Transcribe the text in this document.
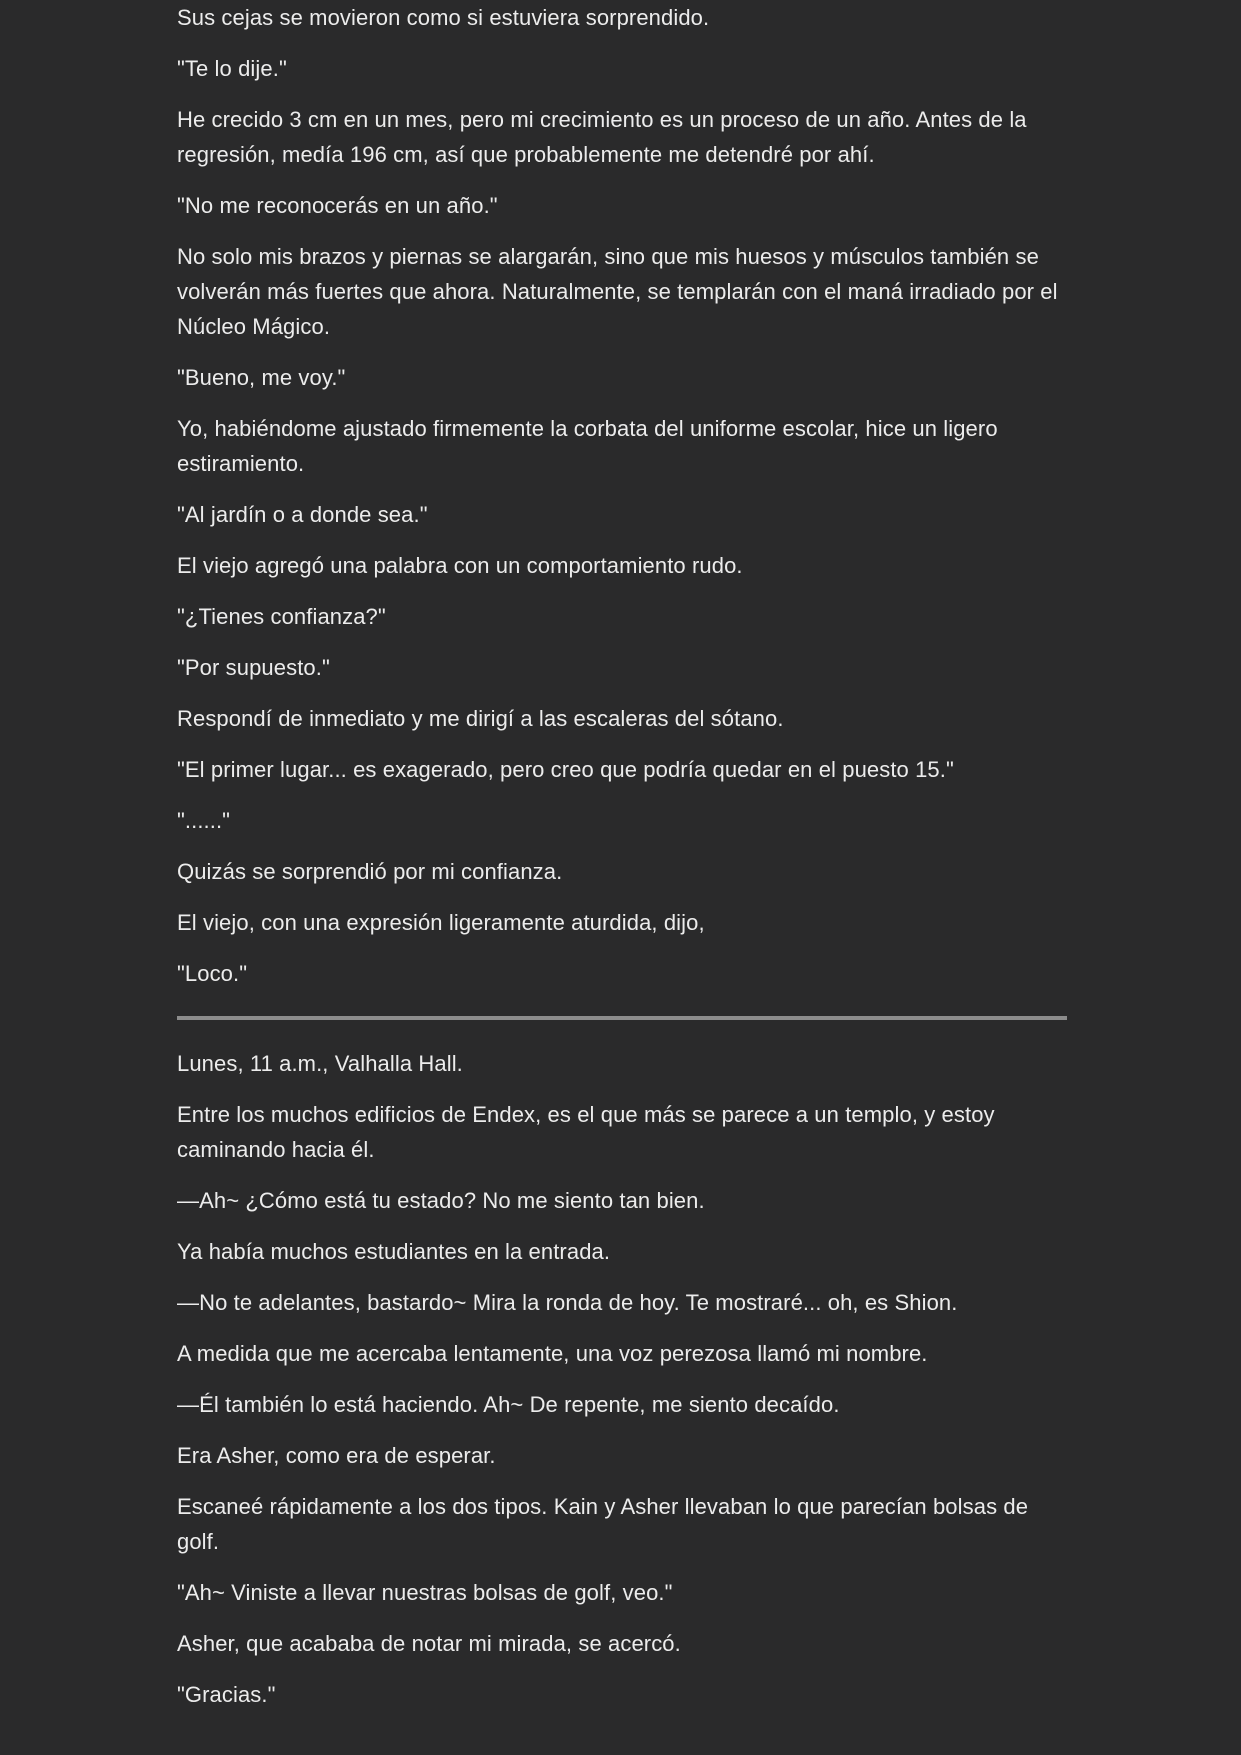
Sus cejas se movieron como si estuviera sorprendido.

"Te lo dije."

He crecido 3 cm en un mes, pero mi crecimiento es un proceso de un año. Antes de la regresión, medía 196 cm, así que probablemente me detendré por ahí.

"No me reconocerás en un año."

No solo mis brazos y piernas se alargarán, sino que mis huesos y músculos también se volverán más fuertes que ahora. Naturalmente, se templarán con el maná irradiado por el Núcleo Mágico.

"Bueno, me voy."

Yo, habiéndome ajustado firmemente la corbata del uniforme escolar, hice un ligero estiramiento.

"Al jardín o a donde sea."

El viejo agregó una palabra con un comportamiento rudo.

"¿Tienes confianza?"

"Por supuesto."

Respondí de inmediato y me dirigí a las escaleras del sótano.

"El primer lugar... es exagerado, pero creo que podría quedar en el puesto 15."

"......"

Quizás se sorprendió por mi confianza.

El viejo, con una expresión ligeramente aturdida, dijo,

"Loco."

Lunes, 11 a.m., Valhalla Hall.

Entre los muchos edificios de Endex, es el que más se parece a un templo, y estoy caminando hacia él.

—Ah~ ¿Cómo está tu estado? No me siento tan bien.

Ya había muchos estudiantes en la entrada.

—No te adelantes, bastardo~ Mira la ronda de hoy. Te mostraré... oh, es Shion.

A medida que me acercaba lentamente, una voz perezosa llamó mi nombre.

—Él también lo está haciendo. Ah~ De repente, me siento decaído.

Era Asher, como era de esperar.

Escaneé rápidamente a los dos tipos. Kain y Asher llevaban lo que parecían bolsas de golf.

"Ah~ Viniste a llevar nuestras bolsas de golf, veo."

Asher, que acababa de notar mi mirada, se acercó.

"Gracias."
